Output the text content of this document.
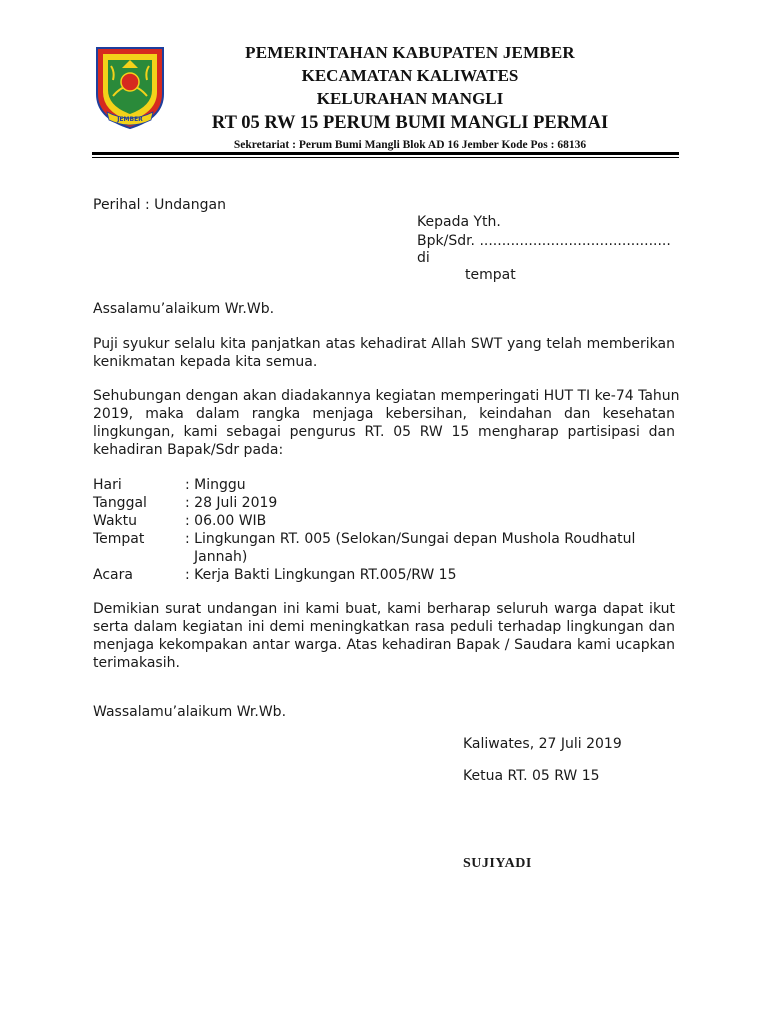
JEMBER
PEMERINTAHAN KABUPATEN JEMBER
KECAMATAN KALIWATES
KELURAHAN MANGLI
RT 05 RW 15 PERUM BUMI MANGLI PERMAI
Sekretariat : Perum Bumi Mangli Blok AD 16 Jember Kode Pos : 68136
Perihal : Undangan
Kepada Yth.
Bpk/Sdr. ...........................................
di
tempat
Assalamu’alaikum Wr.Wb.
Puji syukur selalu kita panjatkan atas kehadirat Allah SWT yang telah memberikan
kenikmatan kepada kita semua.
Sehubungan dengan akan diadakannya kegiatan memperingati HUT TI ke-74 Tahun
2019, maka dalam rangka menjaga kebersihan, keindahan dan kesehatan
lingkungan, kami sebagai pengurus RT. 05 RW 15 mengharap partisipasi dan
kehadiran Bapak/Sdr pada:
Hari	: Minggu
Tanggal	: 28 Juli 2019
Waktu	: 06.00 WIB
Tempat	: Lingkungan RT. 005 (Selokan/Sungai depan Mushola Roudhatul
Jannah)
Acara	: Kerja Bakti Lingkungan RT.005/RW 15
Demikian surat undangan ini kami buat, kami berharap seluruh warga dapat ikut
serta dalam kegiatan ini demi meningkatkan rasa peduli terhadap lingkungan dan
menjaga kekompakan antar warga. Atas kehadiran Bapak / Saudara kami ucapkan
terimakasih.
Wassalamu’alaikum Wr.Wb.
Kaliwates, 27 Juli 2019
Ketua RT. 05 RW 15
SUJIYADI
